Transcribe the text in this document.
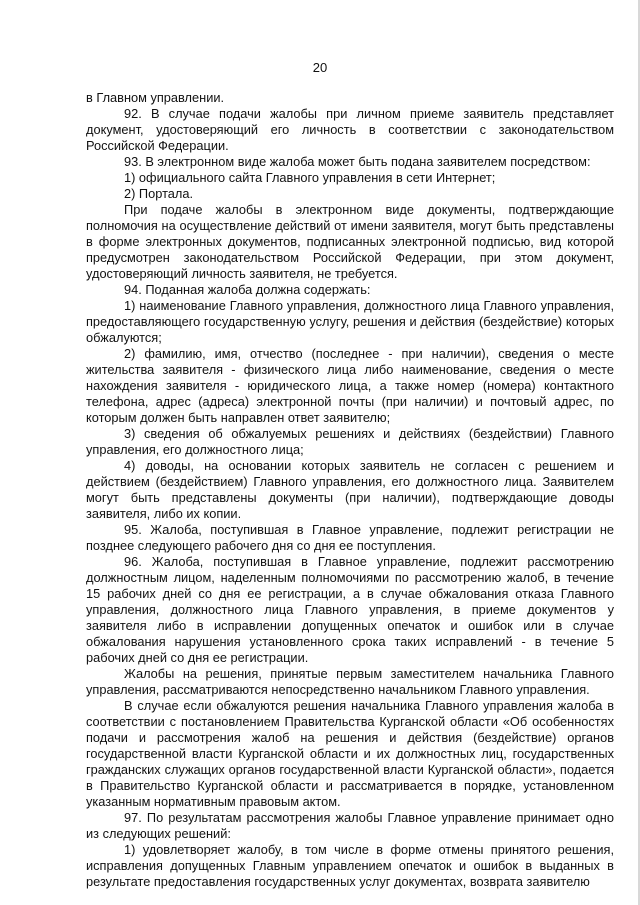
20

в Главном управлении.

92. В случае подачи жалобы при личном приеме заявитель представляет документ, удостоверяющий его личность в соответствии с законодательством Российской Федерации.

93. В электронном виде жалоба может быть подана заявителем посредством:

1) официального сайта Главного управления в сети Интернет;

2) Портала.

При подаче жалобы в электронном виде документы, подтверждающие полномочия на осуществление действий от имени заявителя, могут быть представлены в форме электронных документов, подписанных электронной подписью, вид которой предусмотрен законодательством Российской Федерации, при этом документ, удостоверяющий личность заявителя, не требуется.

94. Поданная жалоба должна содержать:

1) наименование Главного управления, должностного лица Главного управления, предоставляющего государственную услугу, решения и действия (бездействие) которых обжалуются;

2) фамилию, имя, отчество (последнее - при наличии), сведения о месте жительства заявителя - физического лица либо наименование, сведения о месте нахождения заявителя - юридического лица, а также номер (номера) контактного телефона, адрес (адреса) электронной почты (при наличии) и почтовый адрес, по которым должен быть направлен ответ заявителю;

3) сведения об обжалуемых решениях и действиях (бездействии) Главного управления, его должностного лица;

4) доводы, на основании которых заявитель не согласен с решением и действием (бездействием) Главного управления, его должностного лица. Заявителем могут быть представлены документы (при наличии), подтверждающие доводы заявителя, либо их копии.

95. Жалоба, поступившая в Главное управление, подлежит регистрации не позднее следующего рабочего дня со дня ее поступления.

96. Жалоба, поступившая в Главное управление, подлежит рассмотрению должностным лицом, наделенным полномочиями по рассмотрению жалоб, в течение 15 рабочих дней со дня ее регистрации, а в случае обжалования отказа Главного управления, должностного лица Главного управления, в приеме документов у заявителя либо в исправлении допущенных опечаток и ошибок или в случае обжалования нарушения установленного срока таких исправлений - в течение 5 рабочих дней со дня ее регистрации.

Жалобы на решения, принятые первым заместителем начальника Главного управления, рассматриваются непосредственно начальником Главного управления.

В случае если обжалуются решения начальника Главного управления жалоба в соответствии с постановлением Правительства Курганской области «Об особенностях подачи и рассмотрения жалоб на решения и действия (бездействие) органов государственной власти Курганской области и их должностных лиц, государственных гражданских служащих органов государственной власти Курганской области», подается в Правительство Курганской области и рассматривается в порядке, установленном указанным нормативным правовым актом.

97. По результатам рассмотрения жалобы Главное управление принимает одно из следующих решений:

1) удовлетворяет жалобу, в том числе в форме отмены принятого решения, исправления допущенных Главным управлением опечаток и ошибок в выданных в результате предоставления государственных услуг документах, возврата заявителю
